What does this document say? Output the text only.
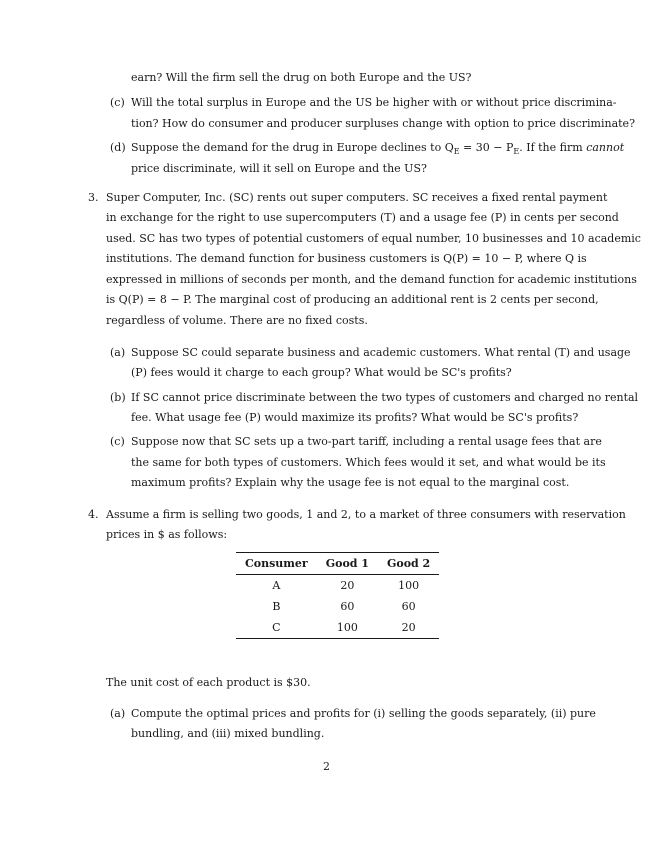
earn? Will the firm sell the drug on both Europe and the US?
(c) Will the total surplus in Europe and the US be higher with or without price discrimina-
tion? How do consumer and producer surpluses change with option to price discriminate?
(d) Suppose the demand for the drug in Europe declines to $Q_E = 30 - P_E$. If the firm cannot
price discriminate, will it sell on Europe and the US?
3. Super Computer, Inc. (SC) rents out super computers. SC receives a fixed rental payment
in exchange for the right to use supercomputers (T) and a usage fee (P) in cents per second
used. SC has two types of potential customers of equal number, 10 businesses and 10 academic
institutions. The demand function for business customers is Q(P) = 10 − P, where Q is
expressed in millions of seconds per month, and the demand function for academic institutions
is Q(P) = 8 − P. The marginal cost of producing an additional rent is 2 cents per second,
regardless of volume. There are no fixed costs.
(a) Suppose SC could separate business and academic customers. What rental (T) and usage
(P) fees would it charge to each group? What would be SC's profits?
(b) If SC cannot price discriminate between the two types of customers and charged no rental
fee. What usage fee (P) would maximize its profits? What would be SC's profits?
(c) Suppose now that SC sets up a two-part tariff, including a rental usage fees that are
the same for both types of customers. Which fees would it set, and what would be its
maximum profits? Explain why the usage fee is not equal to the marginal cost.
4. Assume a firm is selling two goods, 1 and 2, to a market of three consumers with reservation
prices in $ as follows:
Consumer	Good 1	Good 2
A	20	100
B	60	60
C	100	20
The unit cost of each product is $30.
(a) Compute the optimal prices and profits for (i) selling the goods separately, (ii) pure
bundling, and (iii) mixed bundling.
2
